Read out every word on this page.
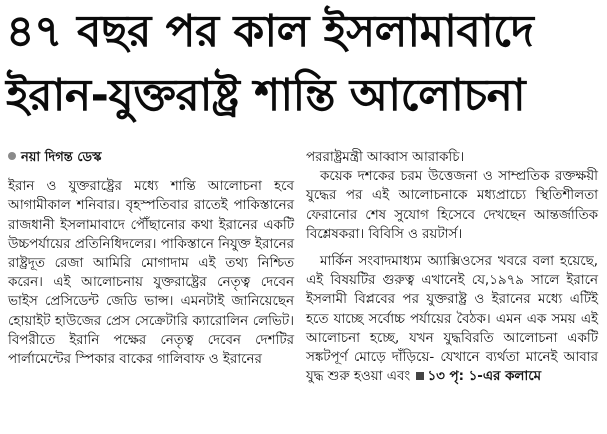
৪৭ বছর পর কাল ইসলামাবাদে
ইরান-যুক্তরাষ্ট্র শান্তি আলোচনা
নয়া দিগন্ত ডেস্ক

ইরান ও যুক্তরাষ্ট্রের মধ্যে শান্তি আলোচনা হবে আগামীকাল শনিবার। বৃহস্পতিবার রাতেই পাকিস্তানের রাজধানী ইসলামাবাদে পৌঁছানোর কথা ইরানের একটি উচ্চপর্যায়ের প্রতিনিধিদলের। পাকিস্তানে নিযুক্ত ইরানের রাষ্ট্রদূত রেজা আমিরি মোগাদাম এই তথ্য নিশ্চিত করেন। এই আলোচনায় যুক্তরাষ্ট্রের নেতৃত্ব দেবেন ভাইস প্রেসিডেন্ট জেডি ভান্স। এমনটাই জানিয়েছেন হোয়াইট হাউজের প্রেস সেক্রেটারি ক্যারোলিন লেভিট। বিপরীতে ইরানি পক্ষের নেতৃত্ব দেবেন দেশটির পার্লামেন্টের স্পিকার বাকের গালিবাফ ও ইরানের

পররাষ্ট্রমন্ত্রী আব্বাস আরাকচি।

কয়েক দশকের চরম উত্তেজনা ও সাম্প্রতিক রক্তক্ষয়ী যুদ্ধের পর এই আলোচনাকে মধ্যপ্রাচ্যে স্থিতিশীলতা ফেরানোর শেষ সুযোগ হিসেবে দেখছেন আন্তর্জাতিক বিশ্লেষকরা। বিবিসি ও রয়টার্স।

মার্কিন সংবাদমাধ্যম অ্যাক্সিওসের খবরে বলা হয়েছে, এই বিষয়টির গুরুত্ব এখানেই যে,১৯৭৯ সালে ইরানে ইসলামী বিপ্লবের পর যুক্তরাষ্ট্র ও ইরানের মধ্যে এটিই হতে যাচ্ছে সর্বোচ্চ পর্যায়ের বৈঠক। এমন এক সময় এই আলোচনা হচ্ছে, যখন যুদ্ধবিরতি আলোচনা একটি সঙ্কটপূর্ণ মোড়ে দাঁড়িয়ে- যেখানে ব্যর্থতা মানেই আবার যুদ্ধ শুরু হওয়া এবং ১৩ পৃ: ১-এর কলামে
